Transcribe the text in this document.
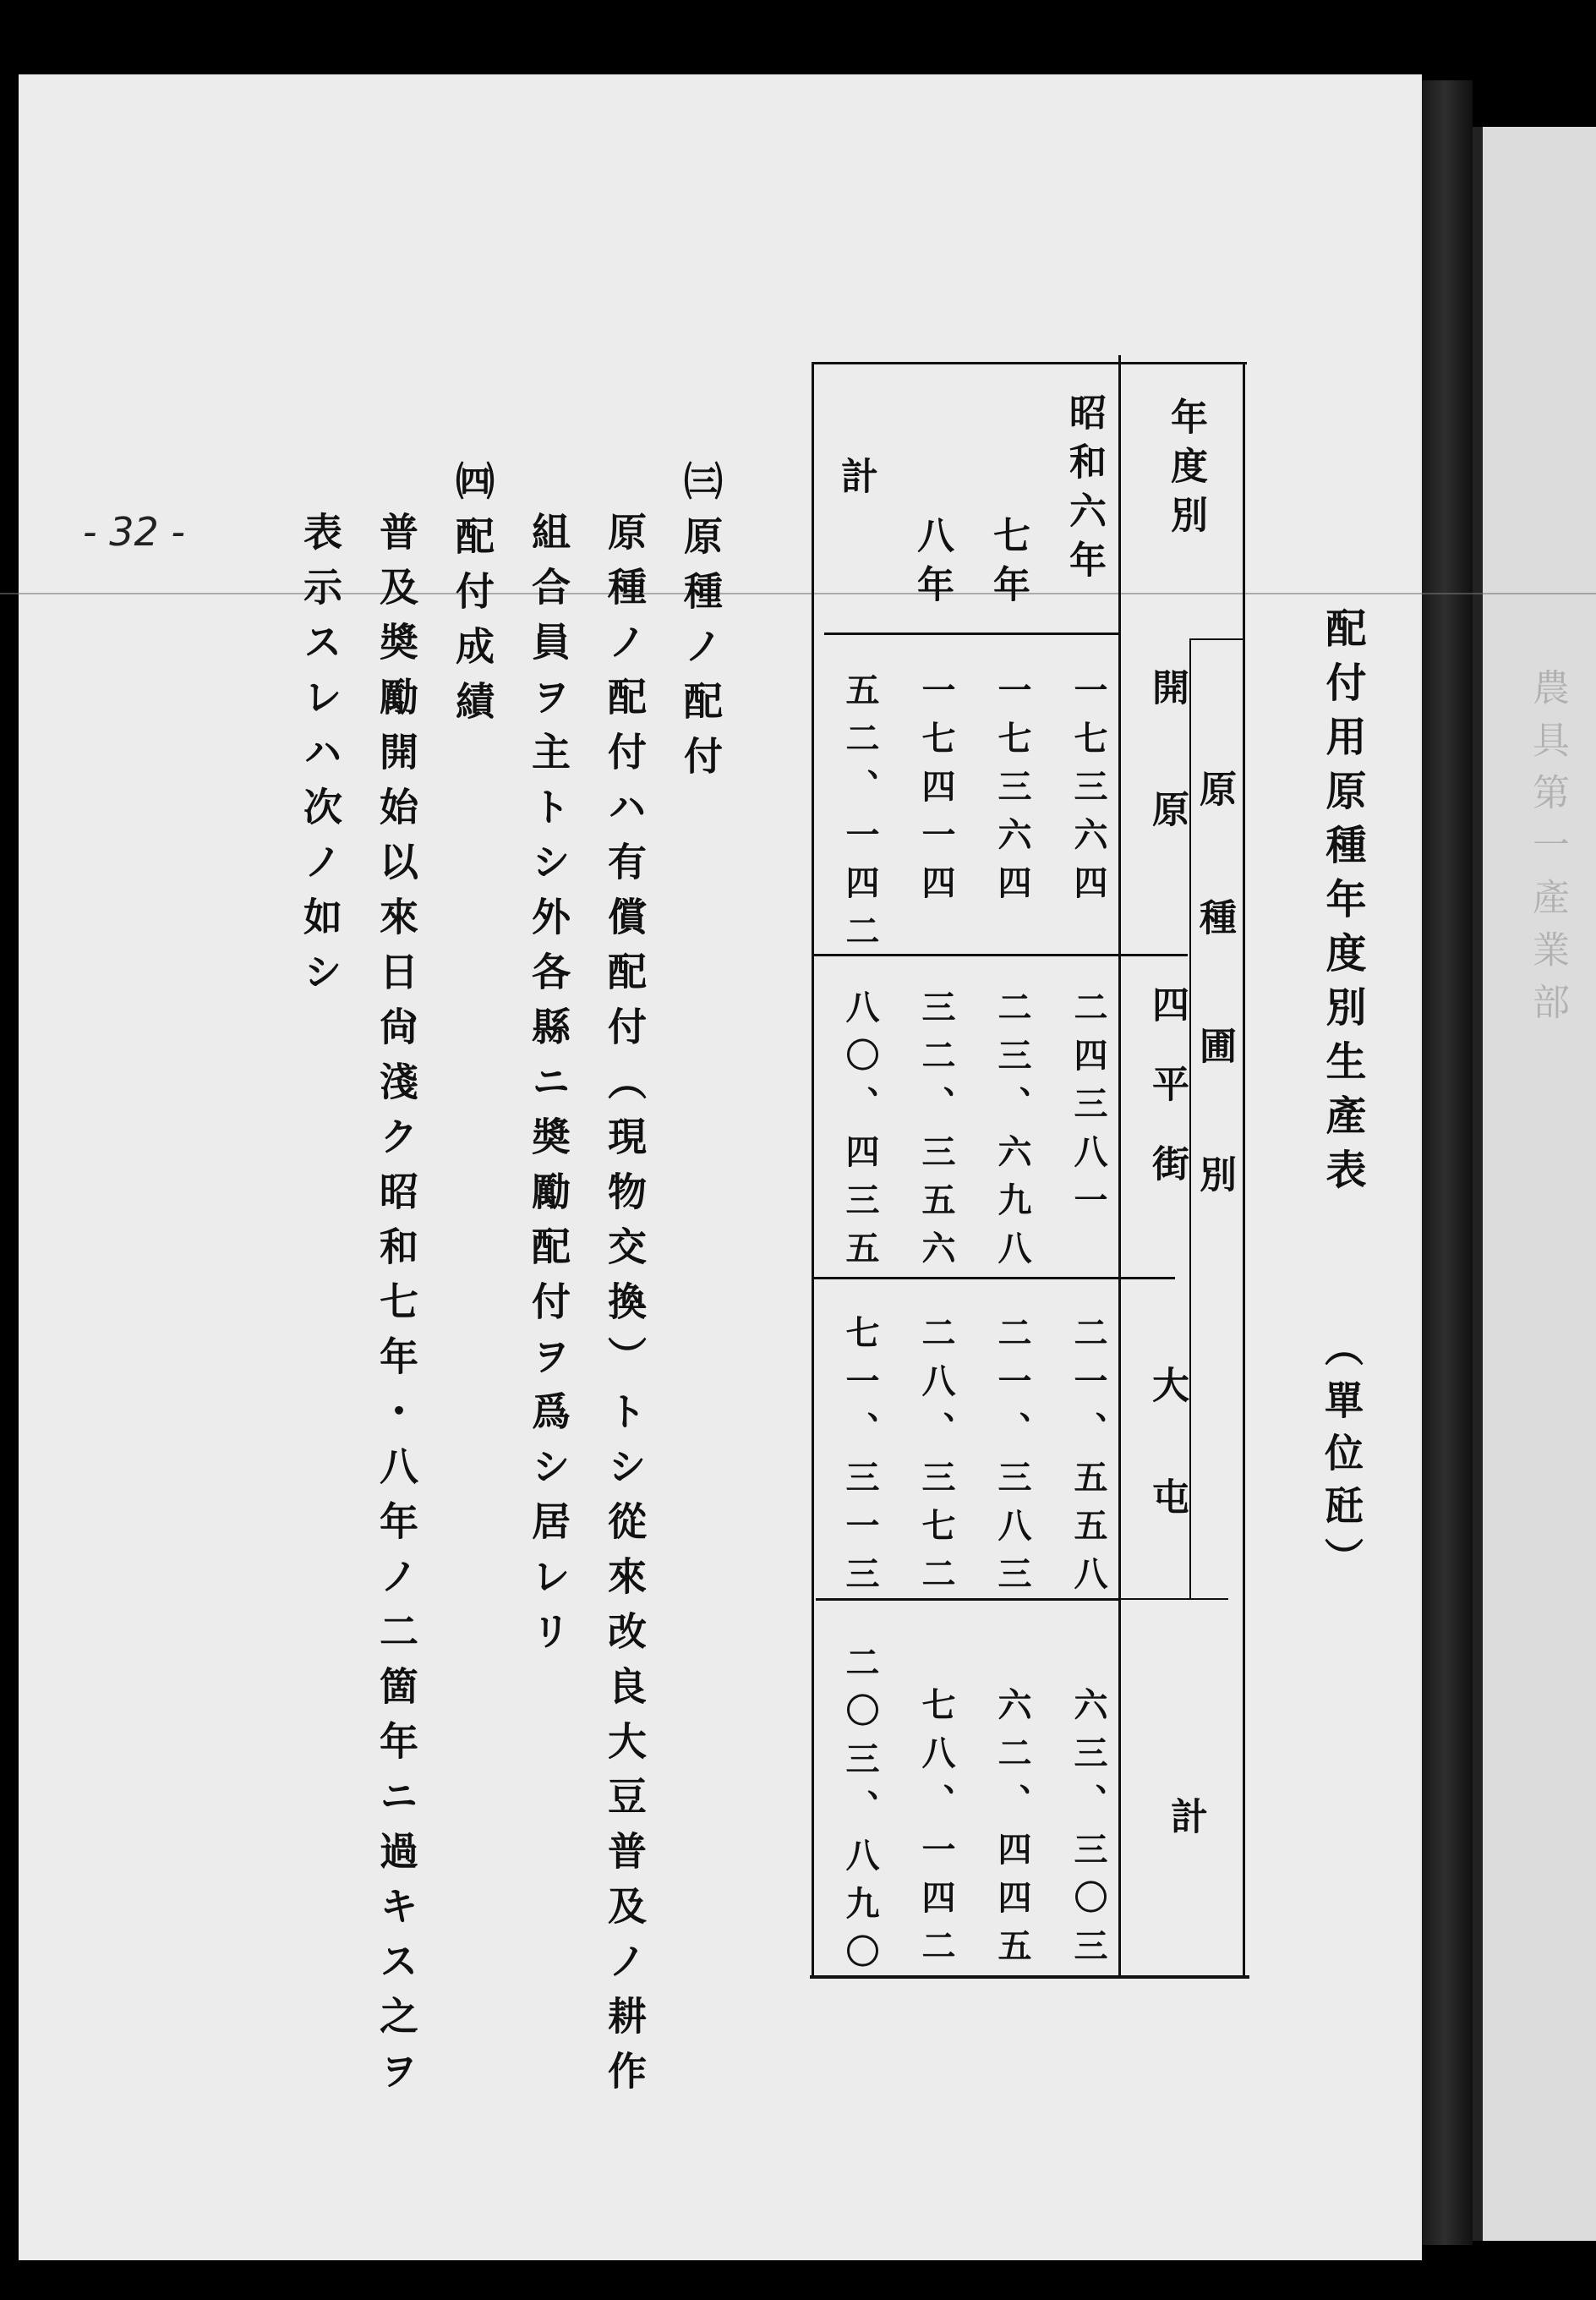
農具第一產業部
- 32 -
配付用原種年度別生產表
（單位瓩）
年度別
原種圃別
開原
四平街
大屯
計
昭和六年
七年
八年
計
一七三六四
二四三八一
二一、五五八
六三、三〇三
一七三六四
二三、六九八
二一、三八三
六二、四四五
一七四一四
三二、三五六
二八、三七二
七八、一四二
五二、一四二
八〇、四三五
七一、三一三
二〇三、八九〇
㈢原種ノ配付
原種ノ配付ハ有償配付（現物交換）トシ從來改良大豆普及ノ耕作
組合員ヲ主トシ外各縣ニ奬勵配付ヲ爲シ居レリ
㈣配付成績
普及奬勵開始以來日尙淺ク昭和七年・八年ノ二箇年ニ過キス之ヲ
表示スレハ次ノ如シ
